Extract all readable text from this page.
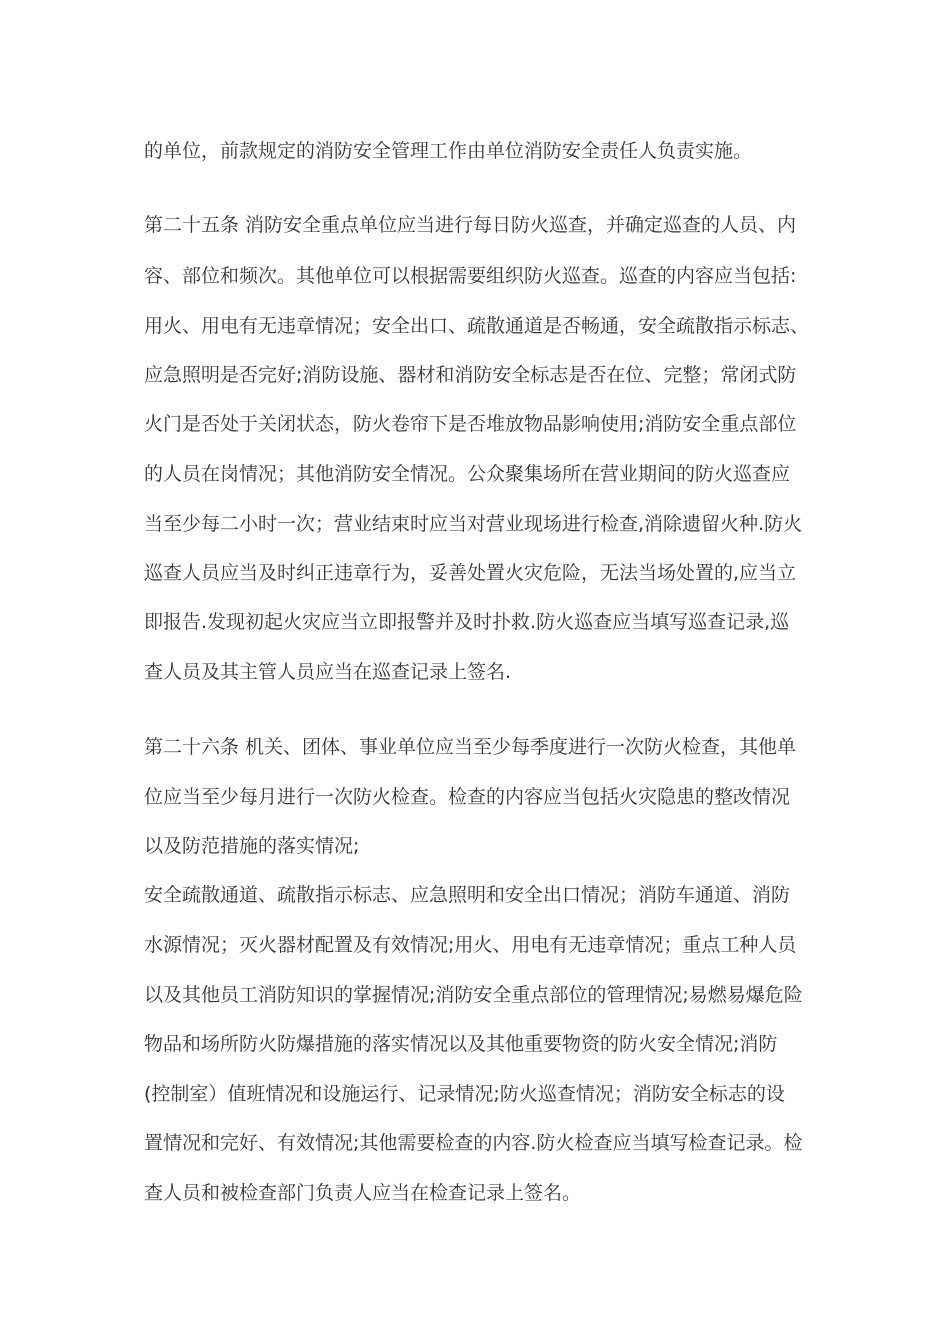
的单位，前款规定的消防安全管理工作由单位消防安全责任人负责实施。

第二十五条 消防安全重点单位应当进行每日防火巡查，并确定巡查的人员、内

容、部位和频次。其他单位可以根据需要组织防火巡查。巡查的内容应当包括:

用火、用电有无违章情况；安全出口、疏散通道是否畅通，安全疏散指示标志、

应急照明是否完好;消防设施、器材和消防安全标志是否在位、完整；常闭式防

火门是否处于关闭状态，防火卷帘下是否堆放物品影响使用;消防安全重点部位

的人员在岗情况；其他消防安全情况。公众聚集场所在营业期间的防火巡查应

当至少每二小时一次；营业结束时应当对营业现场进行检查,消除遗留火种.防火

巡查人员应当及时纠正违章行为，妥善处置火灾危险，无法当场处置的,应当立

即报告.发现初起火灾应当立即报警并及时扑救.防火巡查应当填写巡查记录,巡

查人员及其主管人员应当在巡查记录上签名.

第二十六条 机关、团体、事业单位应当至少每季度进行一次防火检查，其他单

位应当至少每月进行一次防火检查。检查的内容应当包括火灾隐患的整改情况

以及防范措施的落实情况;

安全疏散通道、疏散指示标志、应急照明和安全出口情况；消防车通道、消防

水源情况；灭火器材配置及有效情况;用火、用电有无违章情况；重点工种人员

以及其他员工消防知识的掌握情况;消防安全重点部位的管理情况;易燃易爆危险

物品和场所防火防爆措施的落实情况以及其他重要物资的防火安全情况;消防

(控制室）值班情况和设施运行、记录情况;防火巡查情况；消防安全标志的设

置情况和完好、有效情况;其他需要检查的内容.防火检查应当填写检查记录。检

查人员和被检查部门负责人应当在检查记录上签名。
